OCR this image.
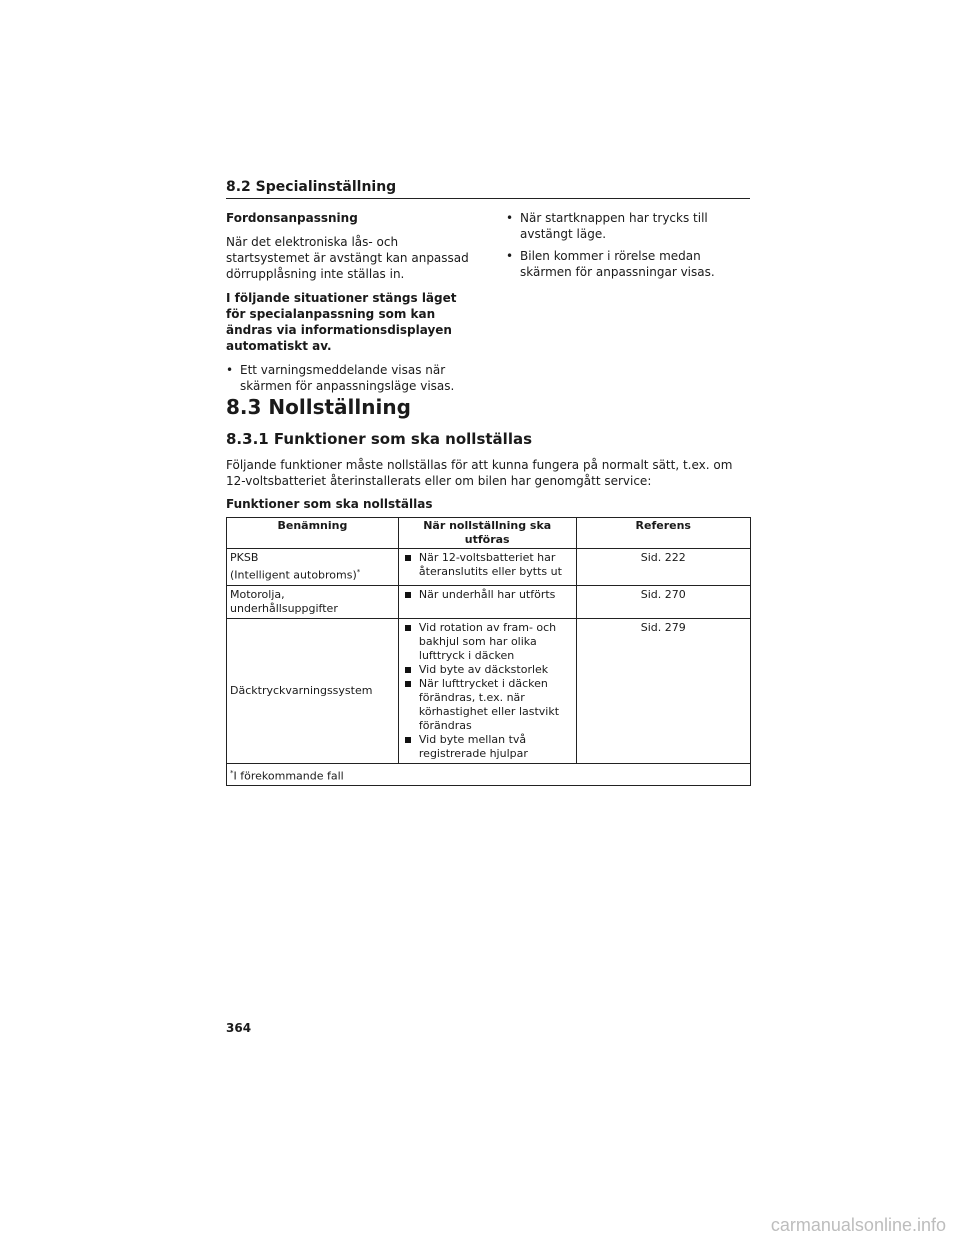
8.2 Specialinställning

Fordonsanpassning

När det elektroniska lås- och startsystemet är avstängt kan anpassad dörrupplåsning inte ställas in.

I följande situationer stängs läget för specialanpassning som kan ändras via informationsdisplayen automatiskt av.

• Ett varningsmeddelande visas när skärmen för anpassningsläge visas.
• När startknappen har trycks till avstängt läge.
• Bilen kommer i rörelse medan skärmen för anpassningar visas.
8.3 Nollställning
8.3.1 Funktioner som ska nollställas
Följande funktioner måste nollställas för att kunna fungera på normalt sätt, t.ex. om 12-voltsbatteriet återinstallerats eller om bilen har genomgått service:
Funktioner som ska nollställas
Benämning	När nollställning ska utföras	Referens
PKSB
(Intelligent autobroms)*	När 12-voltsbatteriet har återanslutits eller bytts ut	Sid. 222
Motorolja,
underhållsuppgifter	När underhåll har utförts	Sid. 270
Däcktryckvarningssystem	Vid rotation av fram- och bakhjul som har olika lufttryck i däcken
Vid byte av däckstorlek
När lufttrycket i däcken förändras, t.ex. när körhastighet eller lastvikt förändras
Vid byte mellan två registrerade hjulpar	Sid. 279
*I förekommande fall		
364
carmanualsonline.info
